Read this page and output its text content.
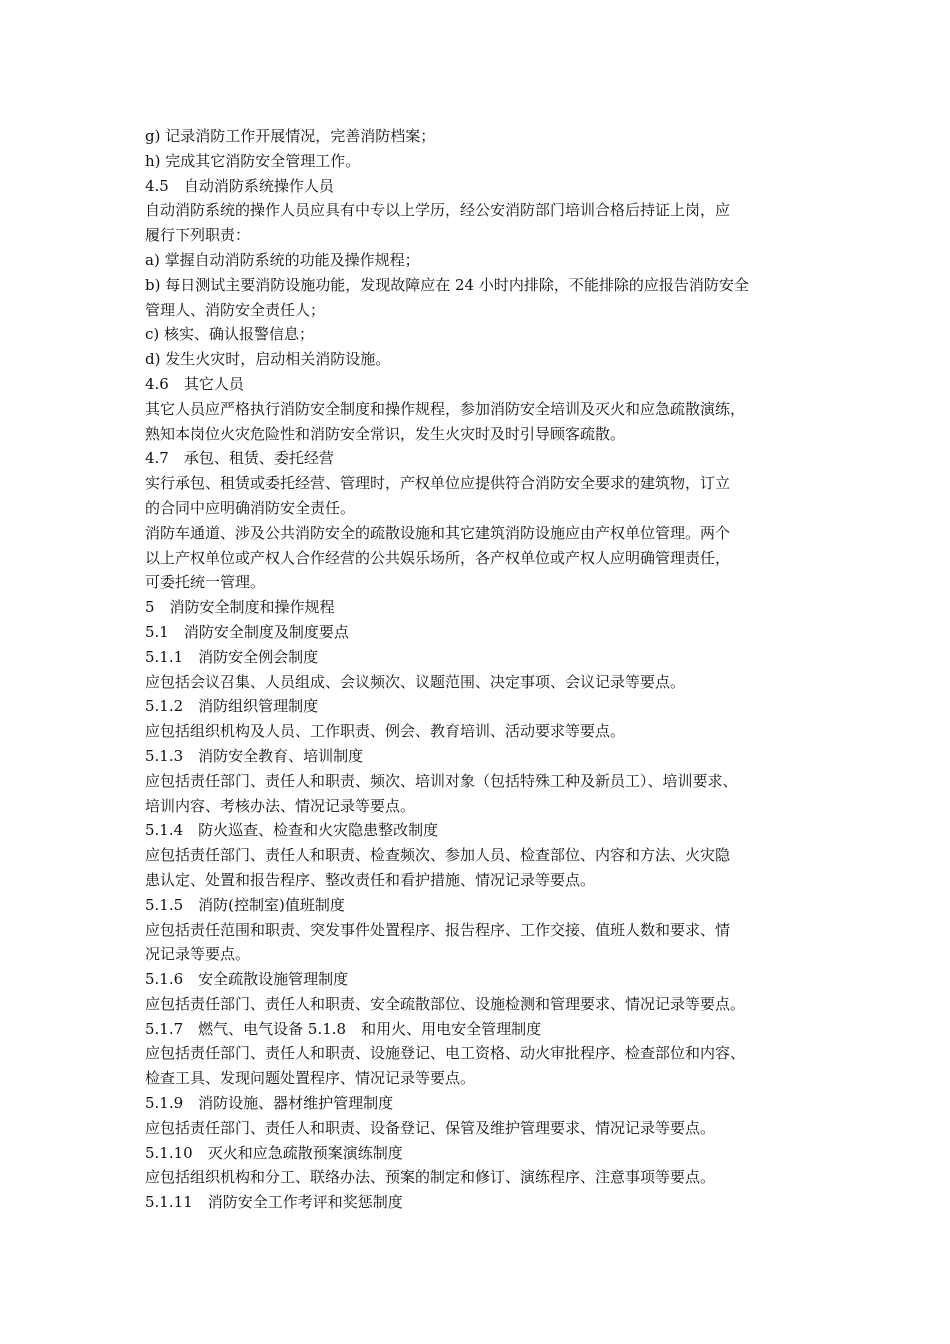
g) 记录消防工作开展情况，完善消防档案；
h) 完成其它消防安全管理工作。
4.5　自动消防系统操作人员
自动消防系统的操作人员应具有中专以上学历，经公安消防部门培训合格后持证上岗，应
履行下列职责：
a) 掌握自动消防系统的功能及操作规程；
b) 每日测试主要消防设施功能，发现故障应在 24 小时内排除，不能排除的应报告消防安全
管理人、消防安全责任人；
c) 核实、确认报警信息；
d) 发生火灾时，启动相关消防设施。
4.6　其它人员
其它人员应严格执行消防安全制度和操作规程，参加消防安全培训及灭火和应急疏散演练，
熟知本岗位火灾危险性和消防安全常识，发生火灾时及时引导顾客疏散。
4.7　承包、租赁、委托经营
实行承包、租赁或委托经营、管理时，产权单位应提供符合消防安全要求的建筑物，订立
的合同中应明确消防安全责任。
消防车通道、涉及公共消防安全的疏散设施和其它建筑消防设施应由产权单位管理。两个
以上产权单位或产权人合作经营的公共娱乐场所，各产权单位或产权人应明确管理责任，
可委托统一管理。
5　消防安全制度和操作规程
5.1　消防安全制度及制度要点
5.1.1　消防安全例会制度
应包括会议召集、人员组成、会议频次、议题范围、决定事项、会议记录等要点。
5.1.2　消防组织管理制度
应包括组织机构及人员、工作职责、例会、教育培训、活动要求等要点。
5.1.3　消防安全教育、培训制度
应包括责任部门、责任人和职责、频次、培训对象（包括特殊工种及新员工）、培训要求、
培训内容、考核办法、情况记录等要点。
5.1.4　防火巡查、检查和火灾隐患整改制度
应包括责任部门、责任人和职责、检查频次、参加人员、检查部位、内容和方法、火灾隐
患认定、处置和报告程序、整改责任和看护措施、情况记录等要点。
5.1.5　消防(控制室)值班制度
应包括责任范围和职责、突发事件处置程序、报告程序、工作交接、值班人数和要求、情
况记录等要点。
5.1.6　安全疏散设施管理制度
应包括责任部门、责任人和职责、安全疏散部位、设施检测和管理要求、情况记录等要点。
5.1.7　燃气、电气设备 5.1.8　和用火、用电安全管理制度
应包括责任部门、责任人和职责、设施登记、电工资格、动火审批程序、检查部位和内容、
检查工具、发现问题处置程序、情况记录等要点。
5.1.9　消防设施、器材维护管理制度
应包括责任部门、责任人和职责、设备登记、保管及维护管理要求、情况记录等要点。
5.1.10　灭火和应急疏散预案演练制度
应包括组织机构和分工、联络办法、预案的制定和修订、演练程序、注意事项等要点。
5.1.11　消防安全工作考评和奖惩制度
